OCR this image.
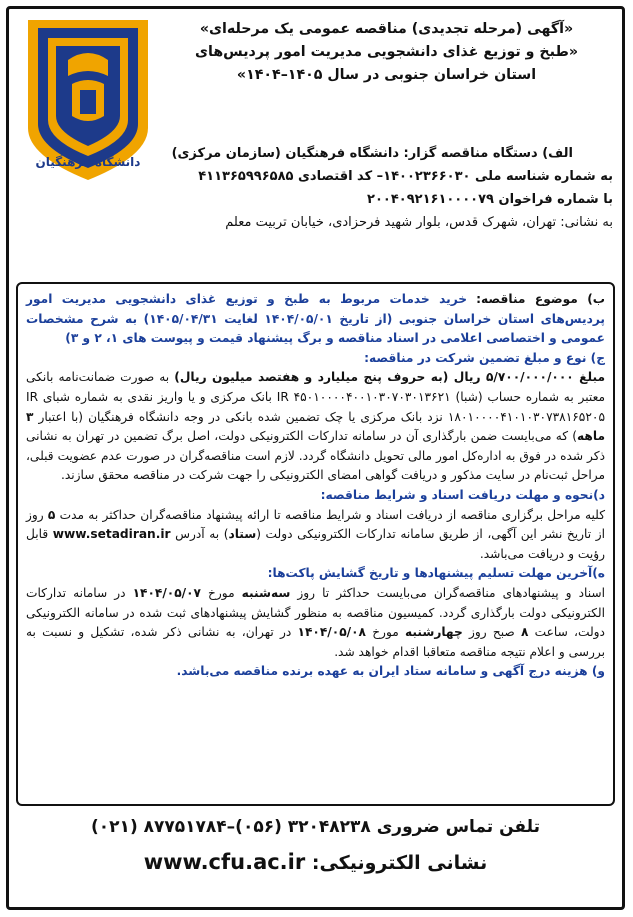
دانشگاه فرهنگیان
«آگهی (مرحله تجدیدی) مناقصه عمومی یک مرحله‌ای»
«طبخ و توزیع غذای دانشجویی مدیریت امور پردیس‌های
استان خراسان جنوبی در سال ۱۴۰۵–۱۴۰۴»
الف) دستگاه مناقصه گزار: دانشگاه فرهنگیان (سازمان مرکزی)
به شماره شناسه ملی ۱۴۰۰۲۳۶۶۰۳۰– کد اقتصادی ۴۱۱۳۶۵۹۹۶۵۸۵
با شماره فراخوان ۲۰۰۴۰۹۲۱۶۱۰۰۰۰۷۹
به نشانی: تهران، شهرک قدس، بلوار شهید فرحزادی، خیابان تربیت معلم

ب) موضوع مناقصه: خرید خدمات مربوط به طبخ و توزیع غذای دانشجویی مدیریت امور پردیس‌های استان خراسان جنوبی (از تاریخ ۱۴۰۴/۰۵/۰۱ لغایت ۱۴۰۵/۰۴/۳۱) به شرح مشخصات عمومی و اختصاصی اعلامی در اسناد مناقصه و برگ پیشنهاد قیمت و پیوست های ۱، ۲ و ۳)

ج) نوع و مبلغ تضمین شرکت در مناقصه:

مبلغ ۵/۷۰۰/۰۰۰/۰۰۰ ریال (به حروف پنج میلیارد و هفتصد میلیون ریال) به صورت ضمانت‌نامه بانکی معتبر به شماره حساب (شبا) IR ۴۵۰۱۰۰۰۰۴۰۰۱۰۳۰۷۰۳۰۱۳۶۲۱ بانک مرکزی و یا واریز نقدی به شماره شبای IR ۱۸۰۱۰۰۰۰۴۱۰۱۰۳۰۷۳۸۱۶۵۲۰۵ نزد بانک مرکزی یا چک تضمین شده بانکی در وجه دانشگاه فرهنگیان (با اعتبار ۳ ماهه) که می‌بایست ضمن بارگذاری آن در سامانه تدارکات الکترونیکی دولت، اصل برگ تضمین در تهران به نشانی ذکر شده در فوق به اداره‌کل امور مالی تحویل دانشگاه گردد. لازم است مناقصه‌گران در صورت عدم عضویت قبلی، مراحل ثبت‌نام در سایت مذکور و دریافت گواهی امضای الکترونیکی را جهت شرکت در مناقصه محقق سازند.

د)نحوه و مهلت دریافت اسناد و شرایط مناقصه:

کلیه مراحل برگزاری مناقصه از دریافت اسناد و شرایط مناقصه تا ارائه پیشنهاد مناقصه‌گران حداکثر به مدت ۵ روز از تاریخ نشر این آگهی، از طریق سامانه تدارکات الکترونیکی دولت (ستاد) به آدرس www.setadiran.ir قابل رؤیت و دریافت می‌باشد.

ه)آخرین مهلت تسلیم پیشنهادها و تاریخ گشایش پاکت‌ها:

اسناد و پیشنهادهای مناقصه‌گران می‌بایست حداکثر تا روز سه‌شنبه مورخ ۱۴۰۴/۰۵/۰۷ در سامانه تدارکات الکترونیکی دولت بارگذاری گردد. کمیسیون مناقصه به منظور گشایش پیشنهادهای ثبت شده در سامانه الکترونیکی دولت، ساعت ۸ صبح روز چهارشنبه مورخ ۱۴۰۴/۰۵/۰۸ در تهران، به نشانی ذکر شده، تشکیل و نسبت به بررسی و اعلام نتیجه مناقصه متعاقبا اقدام خواهد شد.

و) هزینه درج آگهی و سامانه ستاد ایران به عهده برنده مناقصه می‌باشد.

تلفن تماس ضروری ۳۲۰۴۸۲۳۸ (۰۵۶)–۸۷۷۵۱۷۸۴ (۰۲۱)
نشانی الکترونیکی: www.cfu.ac.ir
